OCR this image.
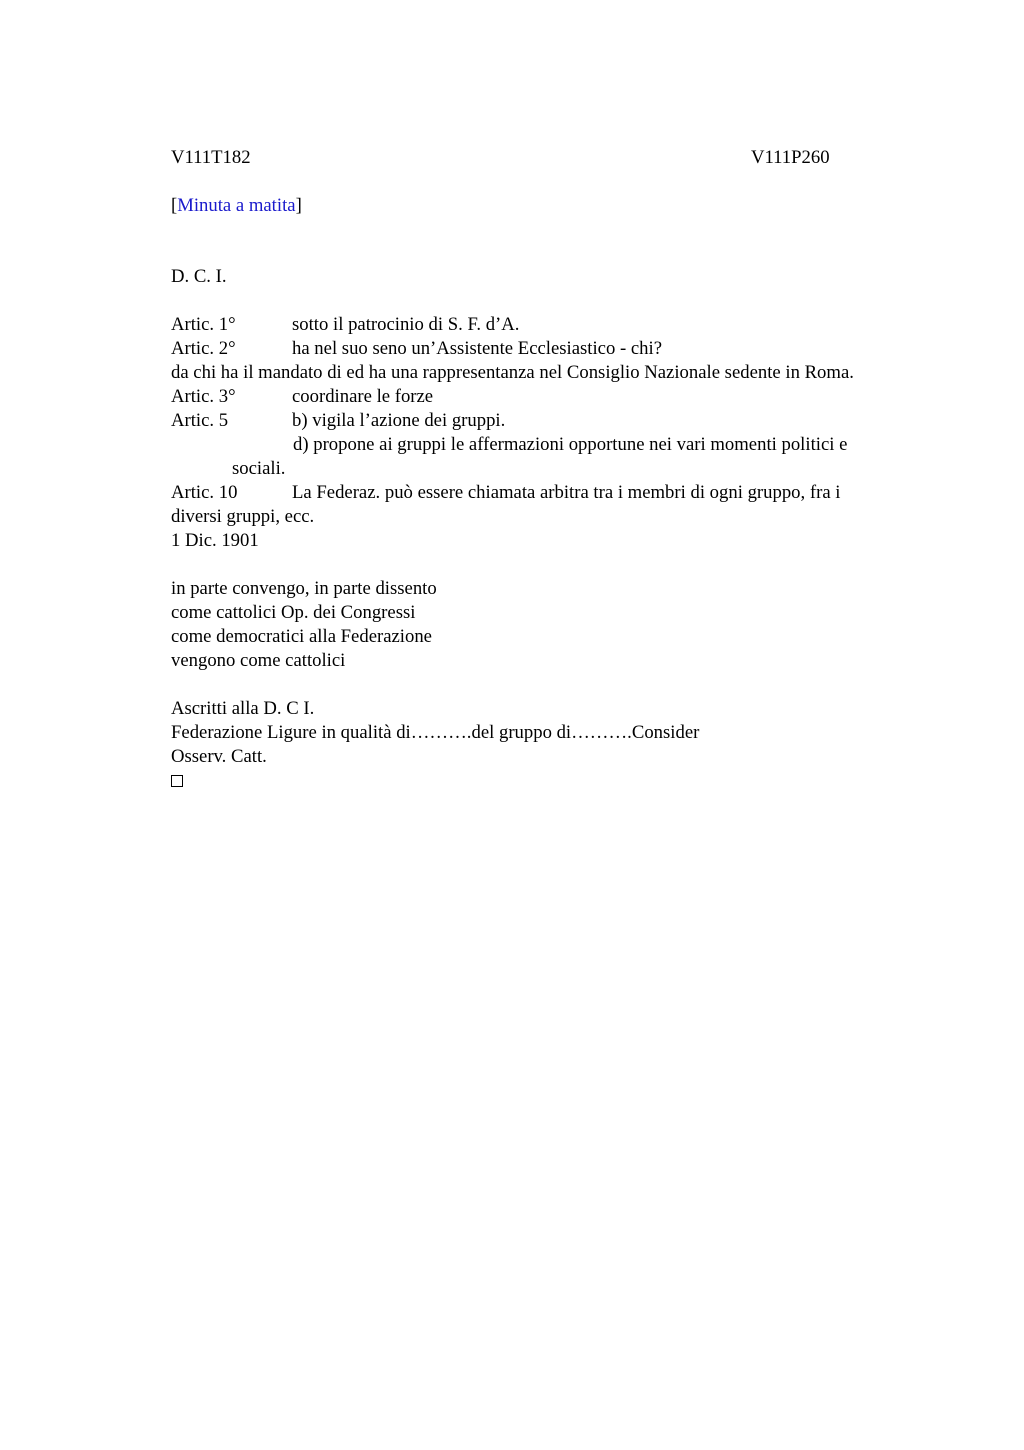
V111T182	V111P260
[Minuta a matita]
D. C. I.
Artic. 1°	sotto il patrocinio di S. F. d’A.
Artic. 2°	ha nel suo seno un’Assistente Ecclesiastico - chi?
da chi ha il mandato di ed ha una rappresentanza nel Consiglio Nazionale sedente in Roma.
Artic. 3°	coordinare le forze
Artic. 5	b) vigila l’azione dei gruppi.
d) propone ai gruppi le affermazioni opportune nei vari momenti politici e
sociali.
Artic. 10	La Federaz. può essere chiamata arbitra tra i membri di ogni gruppo, fra i
diversi gruppi, ecc.
1 Dic. 1901
in parte convengo, in parte dissento
come cattolici Op. dei Congressi
come democratici alla Federazione
vengono come cattolici
Ascritti alla D. C I.
Federazione Ligure in qualità di……….del gruppo di……….Consider
Osserv. Catt.
